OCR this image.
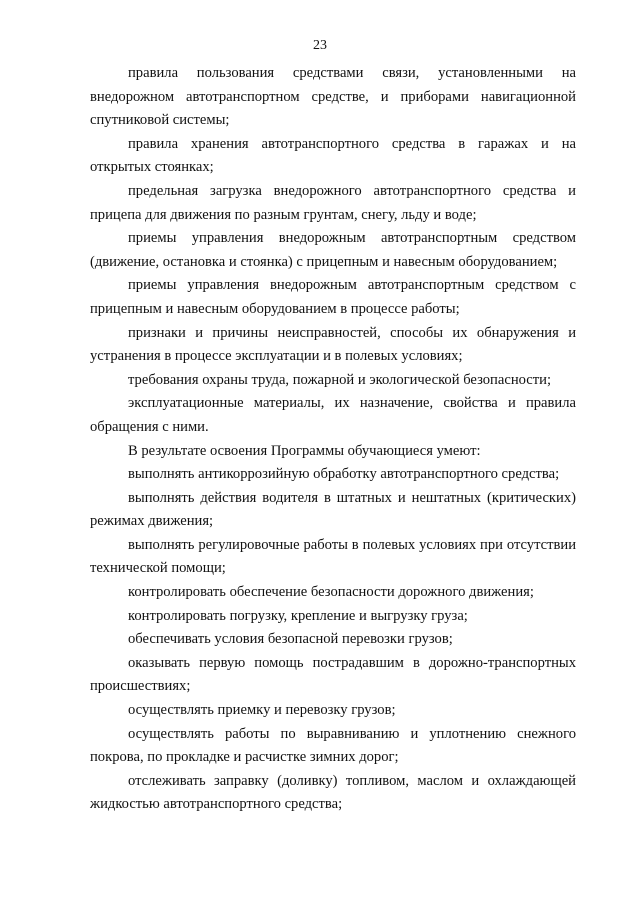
23

правила пользования средствами связи, установленными на внедорожном автотранспортном средстве, и приборами навигационной спутниковой системы;

правила хранения автотранспортного средства в гаражах и на открытых стоянках;

предельная загрузка внедорожного автотранспортного средства и прицепа для движения по разным грунтам, снегу, льду и воде;

приемы управления внедорожным автотранспортным средством (движение, остановка и стоянка) с прицепным и навесным оборудованием;

приемы управления внедорожным автотранспортным средством с прицепным и навесным оборудованием в процессе работы;

признаки и причины неисправностей, способы их обнаружения и устранения в процессе эксплуатации и в полевых условиях;

требования охраны труда, пожарной и экологической безопасности;

эксплуатационные материалы, их назначение, свойства и правила обращения с ними.

В результате освоения Программы обучающиеся умеют:

выполнять антикоррозийную обработку автотранспортного средства;

выполнять действия водителя в штатных и нештатных (критических) режимах движения;

выполнять регулировочные работы в полевых условиях при отсутствии технической помощи;

контролировать обеспечение безопасности дорожного движения;

контролировать погрузку, крепление и выгрузку груза;

обеспечивать условия безопасной перевозки грузов;

оказывать первую помощь пострадавшим в дорожно-транспортных происшествиях;

осуществлять приемку и перевозку грузов;

осуществлять работы по выравниванию и уплотнению снежного покрова, по прокладке и расчистке зимних дорог;

отслеживать заправку (доливку) топливом, маслом и охлаждающей жидкостью автотранспортного средства;
